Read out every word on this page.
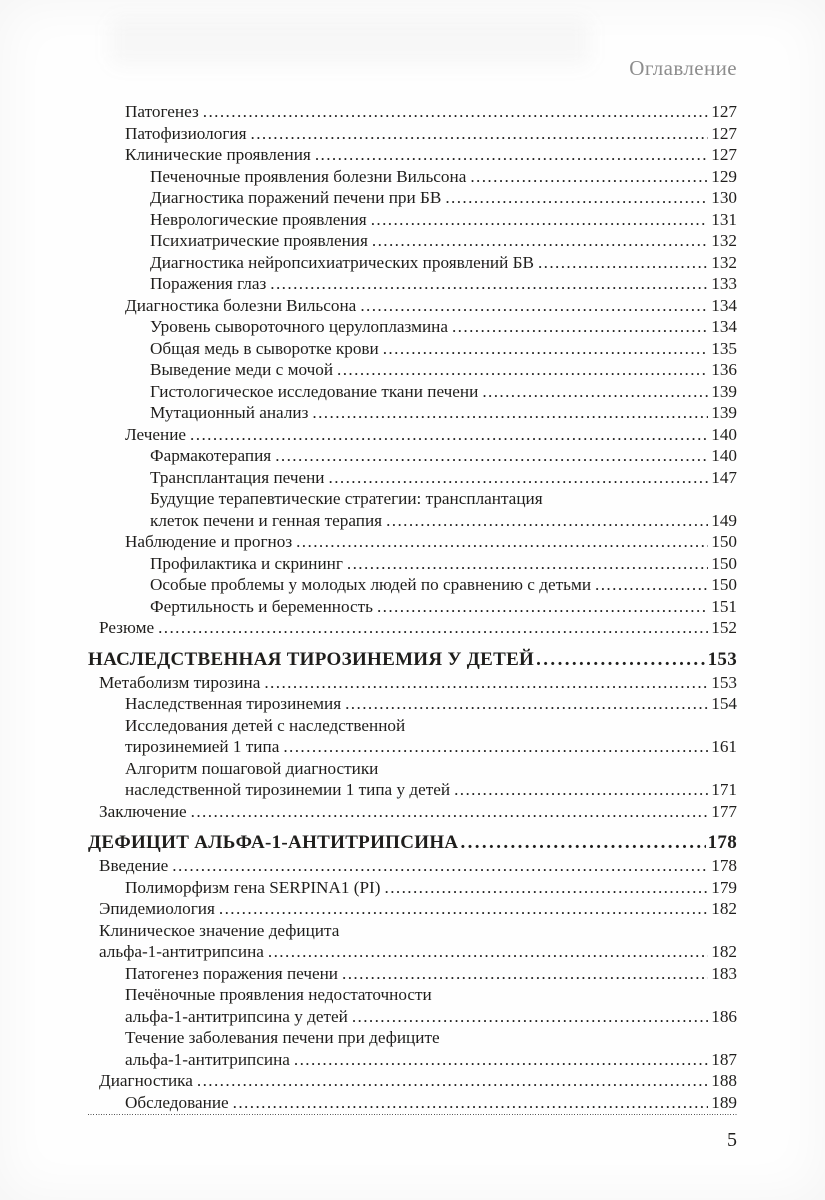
Оглавление
Патогенез .....	127
Патофизиология .....	127
Клинические проявления .....	127
Печеночные проявления болезни Вильсона .....	129
Диагностика поражений печени при БВ .....	130
Неврологические проявления .....	131
Психиатрические проявления .....	132
Диагностика нейропсихиатрических проявлений БВ .....	132
Поражения глаз .....	133
Диагностика болезни Вильсона .....	134
Уровень сывороточного церулоплазмина .....	134
Общая медь в сыворотке крови .....	135
Выведение меди с мочой .....	136
Гистологическое исследование ткани печени .....	139
Мутационный анализ .....	139
Лечение .....	140
Фармакотерапия .....	140
Трансплантация печени .....	147
Будущие терапевтические стратегии: трансплантация
клеток печени и генная терапия .....	149
Наблюдение и прогноз .....	150
Профилактика и скрининг .....	150
Особые проблемы у молодых людей по сравнению с детьми .....	150
Фертильность и беременность .....	151
Резюме .....	152
НАСЛЕДСТВЕННАЯ ТИРОЗИНЕМИЯ У ДЕТЕЙ .....	153
Метаболизм тирозина .....	153
Наследственная тирозинемия .....	154
Исследования детей с наследственной
тирозинемией 1 типа .....	161
Алгоритм пошаговой диагностики
наследственной тирозинемии 1 типа у детей .....	171
Заключение .....	177
ДЕФИЦИТ АЛЬФА-1-АНТИТРИПСИНА .....	178
Введение .....	178
Полиморфизм гена SERPINA1 (PI) .....	179
Эпидемиология .....	182
Клиническое значение дефицита
альфа-1-антитрипсина .....	182
Патогенез поражения печени .....	183
Печёночные проявления недостаточности
альфа-1-антитрипсина у детей .....	186
Течение заболевания печени при дефиците
альфа-1-антитрипсина .....	187
Диагностика .....	188
Обследование .....	189
5
